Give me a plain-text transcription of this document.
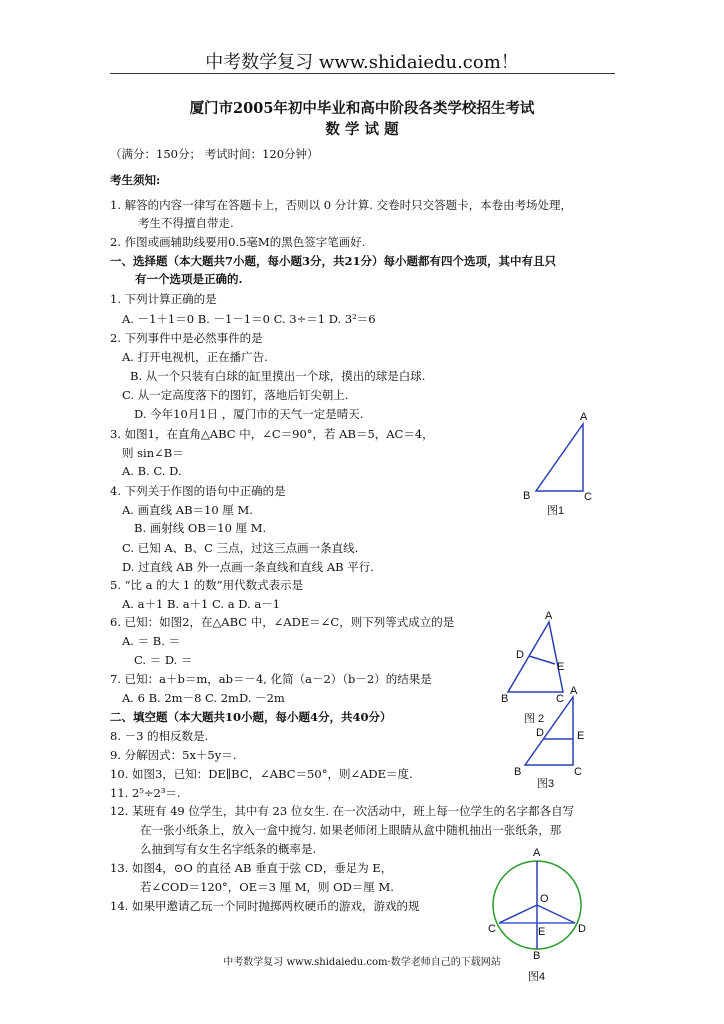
中考数学复习 www.shidaiedu.com！
厦门市2005年初中毕业和高中阶段各类学校招生考试
数 学 试 题
（满分：150分； 考试时间：120分钟）
考生须知:
1. 解答的内容一律写在答题卡上，否则以 0 分计算. 交卷时只交答题卡，本卷由考场处理，
考生不得擅自带走.
2. 作图或画辅助线要用0.5毫M的黑色签字笔画好.
一、选择题（本大题共7小题，每小题3分，共21分）每小题都有四个选项，其中有且只
有一个选项是正确的.
1. 下列计算正确的是
A. －1＋1＝0 B. －1－1＝0 C. 3÷＝1 D. 3²＝6
2. 下列事件中是必然事件的是
A. 打开电视机，正在播广告.
B. 从一个只装有白球的缸里摸出一个球，摸出的球是白球.
C. 从一定高度落下的图钉，落地后钉尖朝上.
D. 今年10月1日 ，厦门市的天气一定是晴天.
3. 如图1，在直角△ABC 中，∠C＝90°，若 AB＝5，AC＝4，
则 sin∠B＝
A. B. C. D.
4. 下列关于作图的语句中正确的是
A. 画直线 AB＝10 厘 M.
B. 画射线 OB＝10 厘 M.
C. 已知 A、B、C 三点，过这三点画一条直线.
D. 过直线 AB 外一点画一条直线和直线 AB 平行.
5. “比 a 的大 1 的数”用代数式表示是
A. a＋1 B. a＋1 C. a D. a－1
6. 已知：如图2，在△ABC 中，∠ADE＝∠C，则下列等式成立的是
A. ＝ B. ＝
C. ＝ D. ＝
7. 已知：a＋b＝m，ab＝－4, 化简（a－2）（b－2）的结果是
A. 6 B. 2m－8 C. 2mD. －2m
二、填空题（本大题共10小题，每小题4分，共40分）
8. －3 的相反数是.
9. 分解因式：5x＋5y＝.
10. 如图3，已知：DE∥BC，∠ABC＝50°，则∠ADE＝度.
11. 2⁵÷2³＝.
12. 某班有 49 位学生，其中有 23 位女生. 在一次活动中，班上每一位学生的名字都各自写
在一张小纸条上，放入一盒中搅匀. 如果老师闭上眼睛从盒中随机抽出一张纸条，那
么抽到写有女生名字纸条的概率是.
13. 如图4，⊙O 的直径 AB 垂直于弦 CD，垂足为 E，
若∠COD＝120°，OE＝3 厘 M，则 OD＝厘 M.
14. 如果甲邀请乙玩一个同时抛掷两枚硬币的游戏，游戏的规
中考数学复习 www.shidaiedu.com·数学老师自己的下载网站
A
B	C
图1
A
D
E
B	C
图 2
A
D	E
B	C
图3
A
O
C	E	D
B
图4
